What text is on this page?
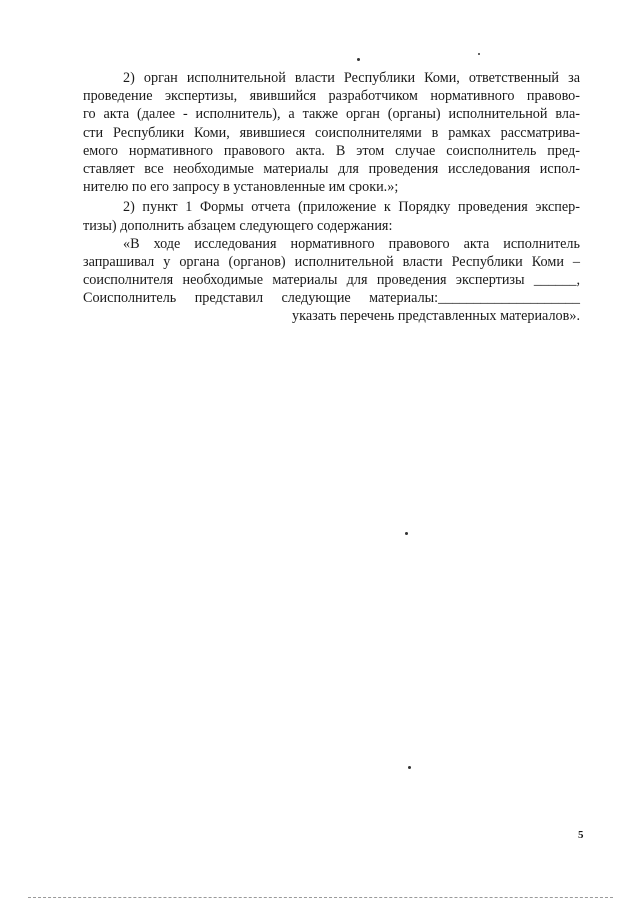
2) орган исполнительной власти Республики Коми, ответственный за
проведение экспертизы, явившийся разработчиком нормативного правово-
го акта (далее - исполнитель), а также орган (органы) исполнительной вла-
сти Республики Коми, явившиеся соисполнителями в рамках рассматрива-
емого нормативного правового акта. В этом случае соисполнитель пред-
ставляет все необходимые материалы для проведения исследования испол-
нителю по его запросу в установленные им сроки.»;
2) пункт 1 Формы отчета (приложение к Порядку проведения экспер-
тизы) дополнить абзацем следующего содержания:
«В ходе исследования нормативного правового акта исполнитель
запрашивал у органа (органов) исполнительной власти Республики Коми –
соисполнителя необходимые материалы для проведения экспертизы ______,
Соисполнитель представил следующие материалы:____________________
указать перечень представленных материалов».
5
